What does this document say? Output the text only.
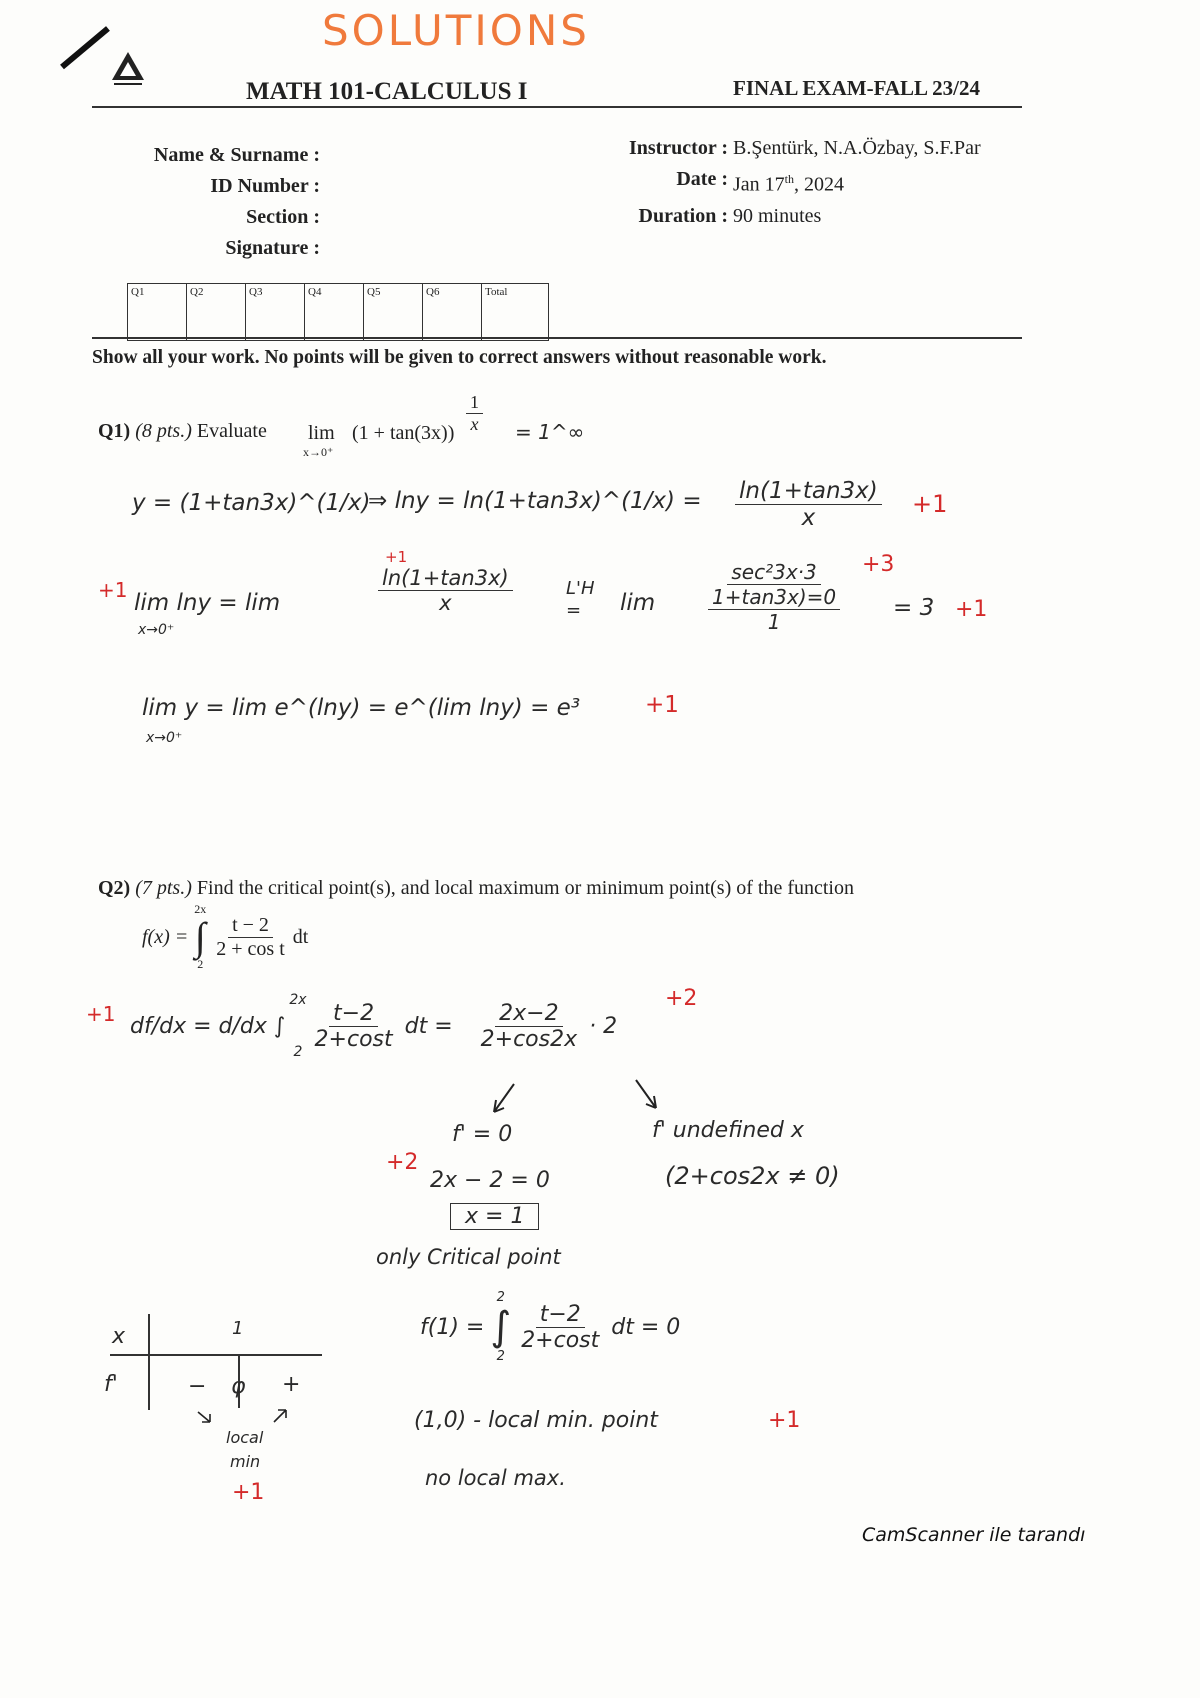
SOLUTIONS
MATH 101-CALCULUS I	FINAL EXAM-FALL 23/24
Name & Surname :
ID Number :
Section :
Signature :
Instructor :
B.Şentürk, N.A.Özbay, S.F.Par
Date :
Jan 17th, 2024
Duration :
90 minutes
Q1	Q2	Q3	Q4	Q5	Q6	Total
Show all your work. No points will be given to correct answers without reasonable work.
Q1) (8 pts.) Evaluate lim
x→0⁺
$(1 + \tan(3x)) \frac{1}{x}$ = 1^∞
y = (1+tan3x)^(1/x)
⇒ lny = ln(1+tan3x)^(1/x) = $\frac{\ln(1+\tan 3x)}{x} +1$
+1 lim lny = lim
x→0⁺
+1
$\frac{\ln(1+\tan 3x)}{x}$	L'H =	lim
sec²3x·3
1+tan3x)=0
1
= 3
+3
+1
lim y = lim e^(lny) = e^(lim lny) = e³
x→0⁺
+1
Q2) (7 pts.) Find the critical point(s), and local maximum or minimum point(s) of the function
f(x) =
2x
∫
2
$\frac{t - 2}{\text{2 + cos t}}$ dt
+1 df/dx = d/dx ∫
2x
2
$\frac{t-2}{2+\cos t}$ dt = $\frac{2x-2}{2+\cos 2x} \cdot 2$
+2
f' = 0
+2
2x − 2 = 0
x = 1
f' undefined x
(2+cos2x ≠ 0)
only Critical point
x
f'
1
− φ +
local
min
+1
f(1) =
2
∫
2
$\frac{t-2}{2+\cos t}$ dt = 0
(1,0) - local min. point	+1
no local max.
CamScanner ile tarandı
